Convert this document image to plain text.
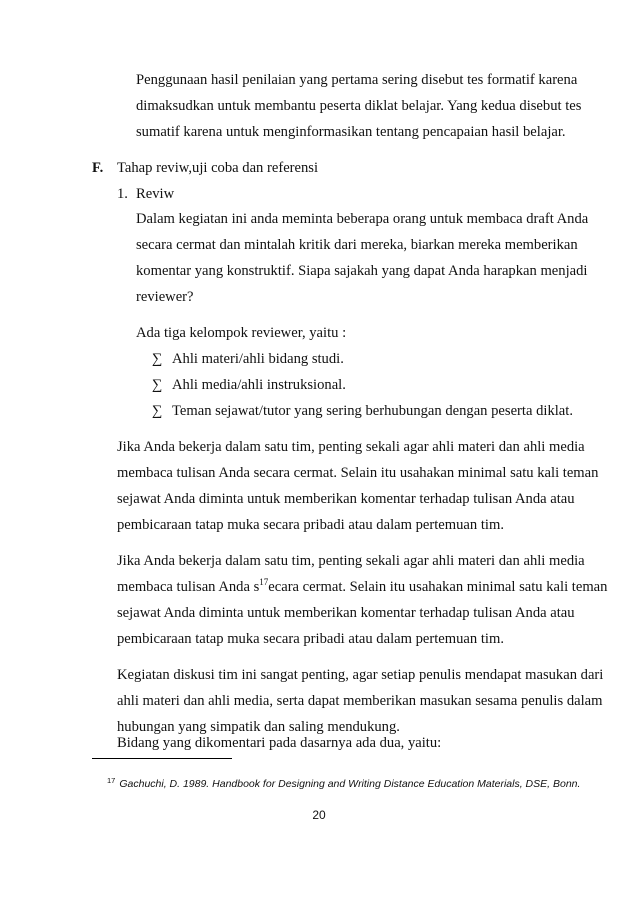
Penggunaan hasil penilaian yang pertama sering disebut tes formatif karena
dimaksudkan untuk membantu peserta diklat belajar. Yang kedua disebut tes
sumatif karena untuk menginformasikan tentang pencapaian hasil belajar.
F. Tahap reviw,uji coba dan referensi
1. Reviw
Dalam kegiatan ini anda meminta beberapa orang untuk membaca draft Anda
secara cermat dan mintalah kritik dari mereka, biarkan mereka memberikan
komentar yang konstruktif. Siapa sajakah yang dapat Anda harapkan menjadi
reviewer?
Ada tiga kelompok reviewer, yaitu :
∑ Ahli materi/ahli bidang studi.
∑ Ahli media/ahli instruksional.
∑ Teman sejawat/tutor yang sering berhubungan dengan peserta diklat.
Jika Anda bekerja dalam satu tim, penting sekali agar ahli materi dan ahli media
membaca tulisan Anda secara cermat. Selain itu usahakan minimal satu kali teman
sejawat Anda diminta untuk memberikan komentar terhadap tulisan Anda atau
pembicaraan tatap muka secara pribadi atau dalam pertemuan tim.
Jika Anda bekerja dalam satu tim, penting sekali agar ahli materi dan ahli media
membaca tulisan Anda $s^{17}ecara$ cermat. Selain itu usahakan minimal satu kali teman
sejawat Anda diminta untuk memberikan komentar terhadap tulisan Anda atau
pembicaraan tatap muka secara pribadi atau dalam pertemuan tim.
Kegiatan diskusi tim ini sangat penting, agar setiap penulis mendapat masukan dari
ahli materi dan ahli media, serta dapat memberikan masukan sesama penulis dalam
hubungan yang simpatik dan saling mendukung.
Bidang yang dikomentari pada dasarnya ada dua, yaitu:
$^{17}$ Gachuchi, D. 1989. Handbook for Designing and Writing Distance Education Materials, DSE, Bonn.
20
